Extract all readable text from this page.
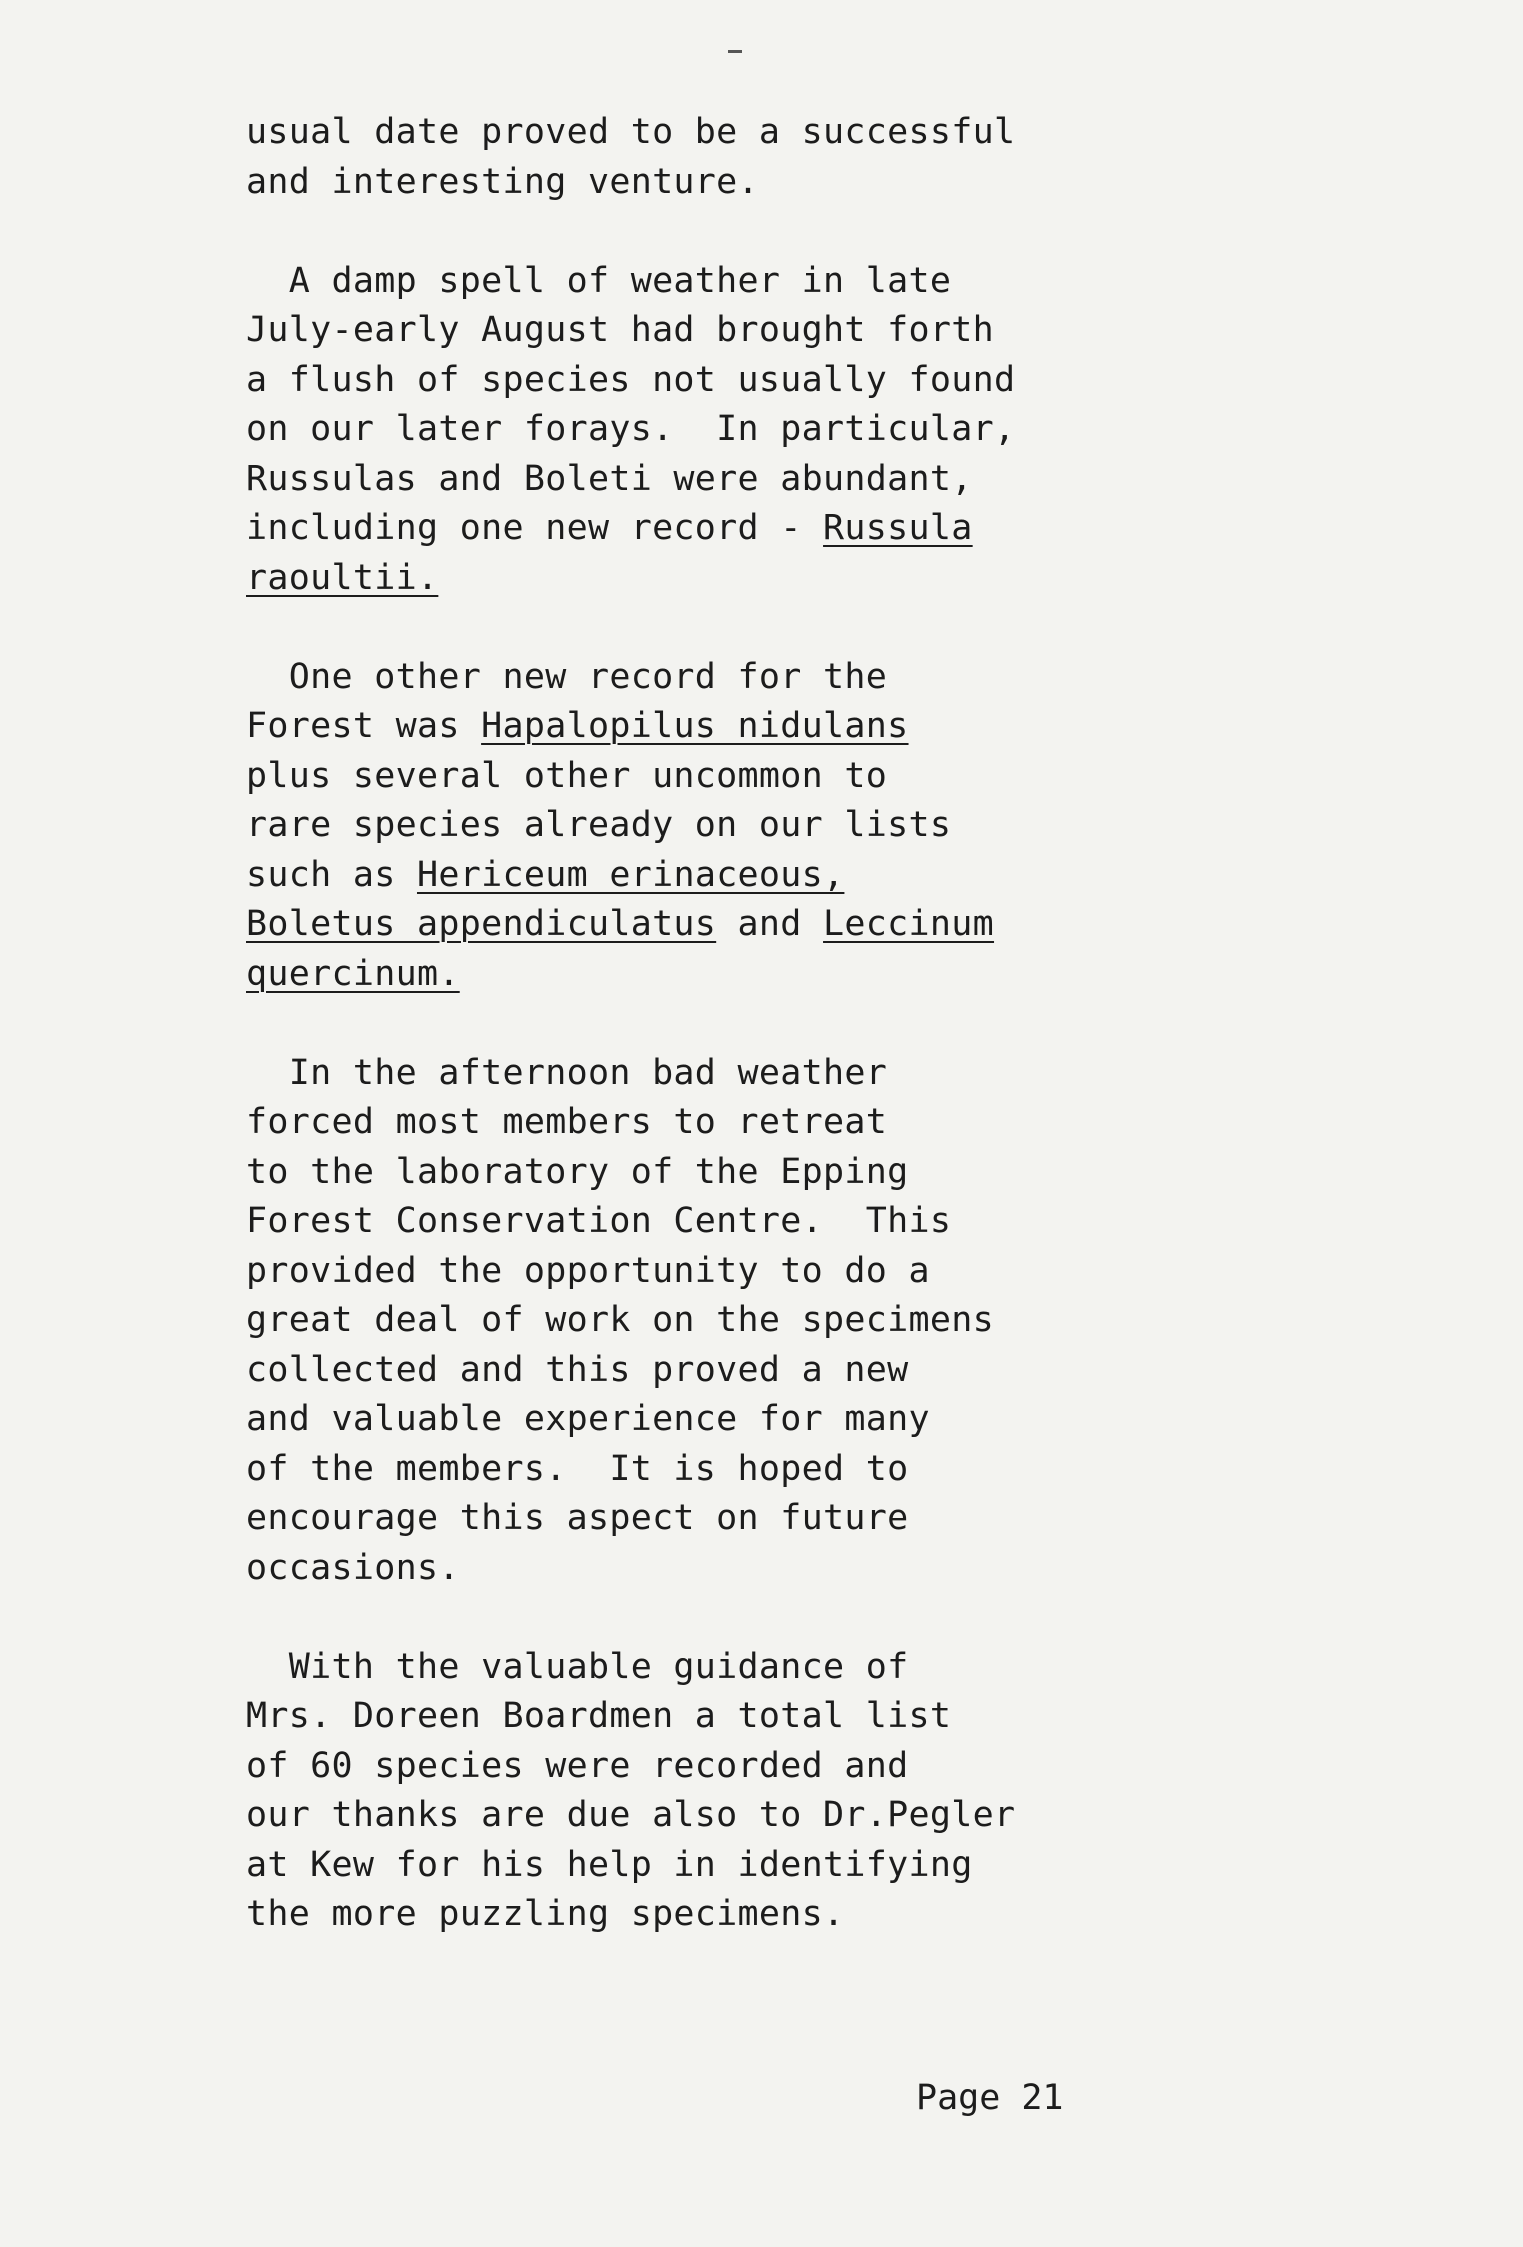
usual date proved to be a successful
and interesting venture.
A damp spell of weather in late
July-early August had brought forth
a flush of species not usually found
on our later forays.  In particular,
Russulas and Boleti were abundant,
including one new record - Russula
raoultii.
One other new record for the
Forest was Hapalopilus nidulans
plus several other uncommon to
rare species already on our lists
such as Hericeum erinaceous,
Boletus appendiculatus and Leccinum
quercinum.
In the afternoon bad weather
forced most members to retreat
to the laboratory of the Epping
Forest Conservation Centre.  This
provided the opportunity to do a
great deal of work on the specimens
collected and this proved a new
and valuable experience for many
of the members.  It is hoped to
encourage this aspect on future
occasions.
With the valuable guidance of
Mrs. Doreen Boardmen a total list
of 60 species were recorded and
our thanks are due also to Dr.Pegler
at Kew for his help in identifying
the more puzzling specimens.
Page 21
